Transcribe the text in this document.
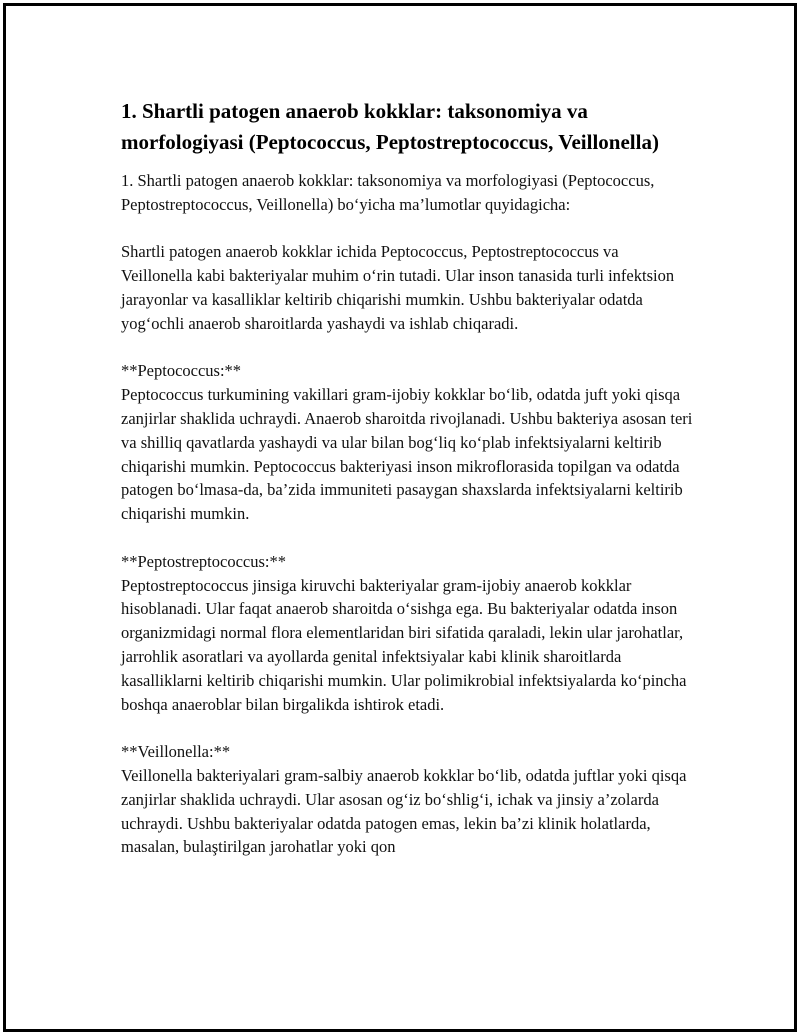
1. Shartli patogen anaerob kokklar: taksonomiya va morfologiyasi (Peptococcus, Peptostreptococcus, Veillonella)

1. Shartli patogen anaerob kokklar: taksonomiya va morfologiyasi (Peptococcus, Peptostreptococcus, Veillonella) bo‘yicha ma’lumotlar quyidagicha:

Shartli patogen anaerob kokklar ichida Peptococcus, Peptostreptococcus va Veillonella kabi bakteriyalar muhim o‘rin tutadi. Ular inson tanasida turli infektsion jarayonlar va kasalliklar keltirib chiqarishi mumkin. Ushbu bakteriyalar odatda yog‘ochli anaerob sharoitlarda yashaydi va ishlab chiqaradi.

**Peptococcus:**

Peptococcus turkumining vakillari gram-ijobiy kokklar bo‘lib, odatda juft yoki qisqa zanjirlar shaklida uchraydi. Anaerob sharoitda rivojlanadi. Ushbu bakteriya asosan teri va shilliq qavatlarda yashaydi va ular bilan bog‘liq ko‘plab infektsiyalarni keltirib chiqarishi mumkin. Peptococcus bakteriyasi inson mikroflorasida topilgan va odatda patogen bo‘lmasa-da, ba’zida immuniteti pasaygan shaxslarda infektsiyalarni keltirib chiqarishi mumkin.

**Peptostreptococcus:**

Peptostreptococcus jinsiga kiruvchi bakteriyalar gram-ijobiy anaerob kokklar hisoblanadi. Ular faqat anaerob sharoitda o‘sishga ega. Bu bakteriyalar odatda inson organizmidagi normal flora elementlaridan biri sifatida qaraladi, lekin ular jarohatlar, jarrohlik asoratlari va ayollarda genital infektsiyalar kabi klinik sharoitlarda kasalliklarni keltirib chiqarishi mumkin. Ular polimikrobial infektsiyalarda ko‘pincha boshqa anaeroblar bilan birgalikda ishtirok etadi.

**Veillonella:**

Veillonella bakteriyalari gram-salbiy anaerob kokklar bo‘lib, odatda juftlar yoki qisqa zanjirlar shaklida uchraydi. Ular asosan og‘iz bo‘shlig‘i, ichak va jinsiy a’zolarda uchraydi. Ushbu bakteriyalar odatda patogen emas, lekin ba’zi klinik holatlarda, masalan, bulaştirilgan jarohatlar yoki qon
